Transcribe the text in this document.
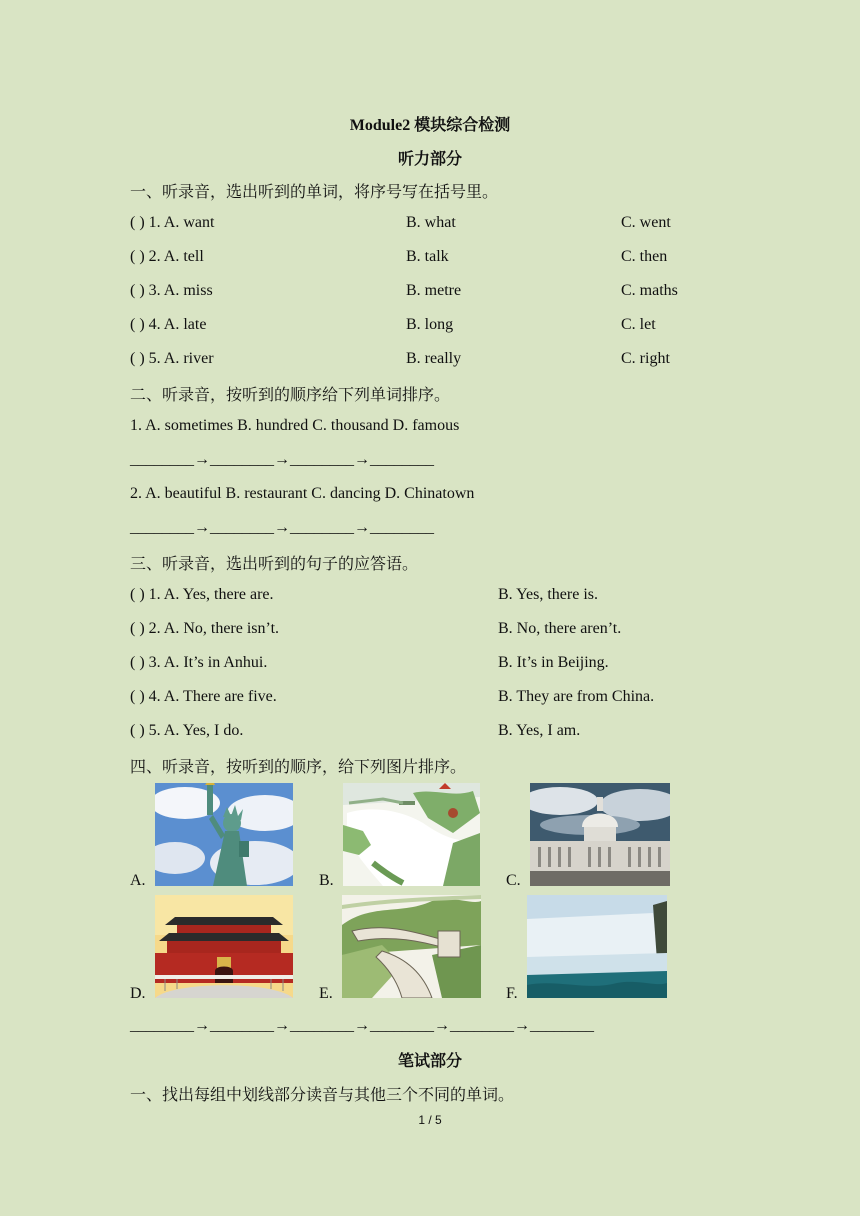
Module2 模块综合检测
听力部分
一、听录音，选出听到的单词，将序号写在括号里。
( ) 1. A. want	B. what	C. went
( ) 2. A. tell	B. talk	C. then
( ) 3. A. miss	B. metre	C. maths
( ) 4. A. late	B. long	C. let
( ) 5. A. river	B. really	C. right
二、听录音，按听到的顺序给下列单词排序。
1. A. sometimes B. hundred C. thousand D. famous
________→________→________→________
2. A. beautiful B. restaurant C. dancing D. Chinatown
________→________→________→________
三、听录音，选出听到的句子的应答语。
( ) 1. A. Yes, there are.	B. Yes, there is.
( ) 2. A. No, there isn’t.	B. No, there aren’t.
( ) 3. A. It’s in Anhui.	B. It’s in Beijing.
( ) 4. A. There are five.	B. They are from China.
( ) 5. A. Yes, I do.	B. Yes, I am.
四、听录音，按听到的顺序，给下列图片排序。
A.	B.	C.
D.	E.	F.
________→________→________→________→________→________
笔试部分
一、找出每组中划线部分读音与其他三个不同的单词。
1 / 5
